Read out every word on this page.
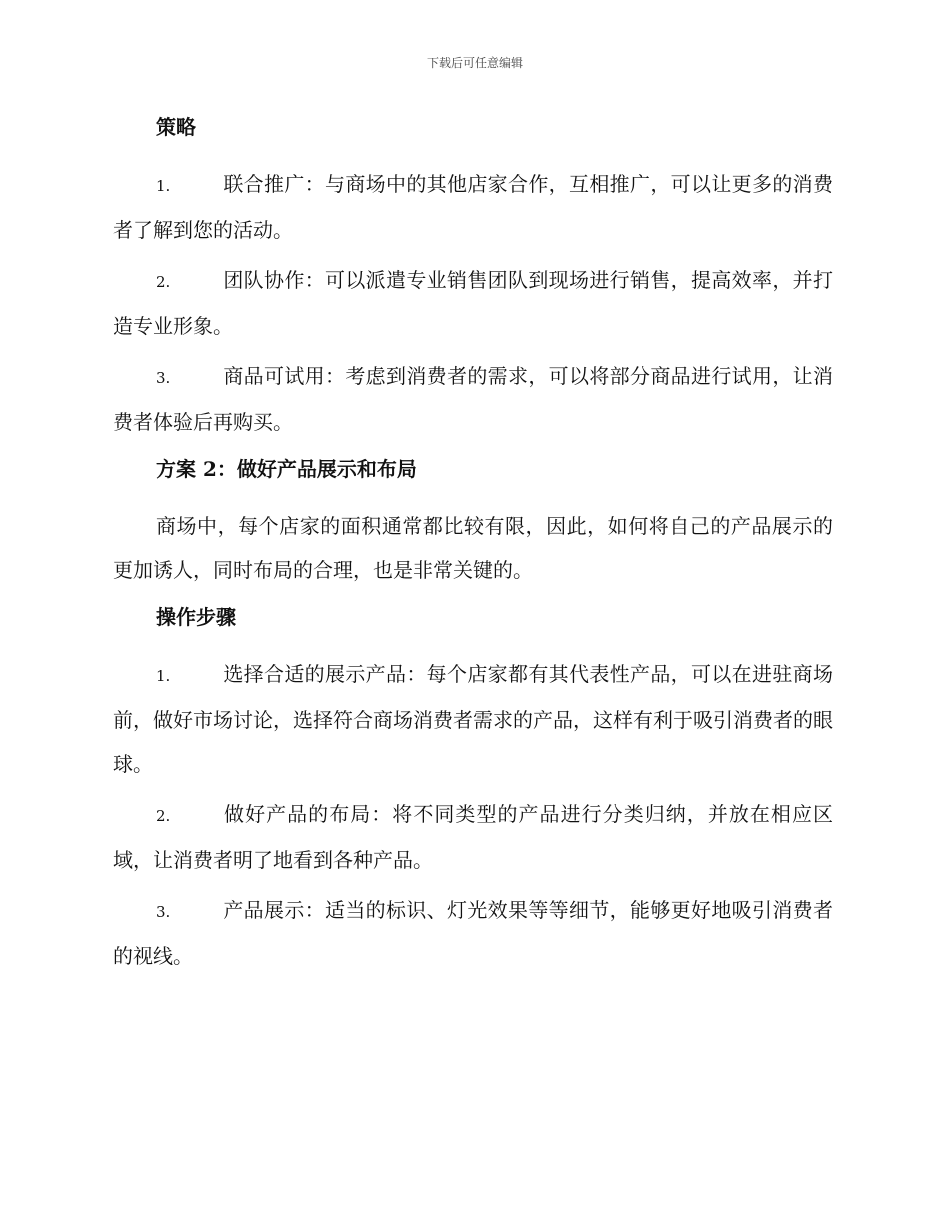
下载后可任意编辑
策略
1.	联合推广：与商场中的其他店家合作，互相推广，可以让更多的消费者了解到您的活动。
2.	团队协作：可以派遣专业销售团队到现场进行销售，提高效率，并打造专业形象。
3.	商品可试用：考虑到消费者的需求，可以将部分商品进行试用，让消费者体验后再购买。
方案 2：做好产品展示和布局
商场中，每个店家的面积通常都比较有限，因此，如何将自己的产品展示的更加诱人，同时布局的合理，也是非常关键的。
操作步骤
1.	选择合适的展示产品：每个店家都有其代表性产品，可以在进驻商场前，做好市场讨论，选择符合商场消费者需求的产品，这样有利于吸引消费者的眼球。
2.	做好产品的布局：将不同类型的产品进行分类归纳，并放在相应区域，让消费者明了地看到各种产品。
3.	产品展示：适当的标识、灯光效果等等细节，能够更好地吸引消费者的视线。
